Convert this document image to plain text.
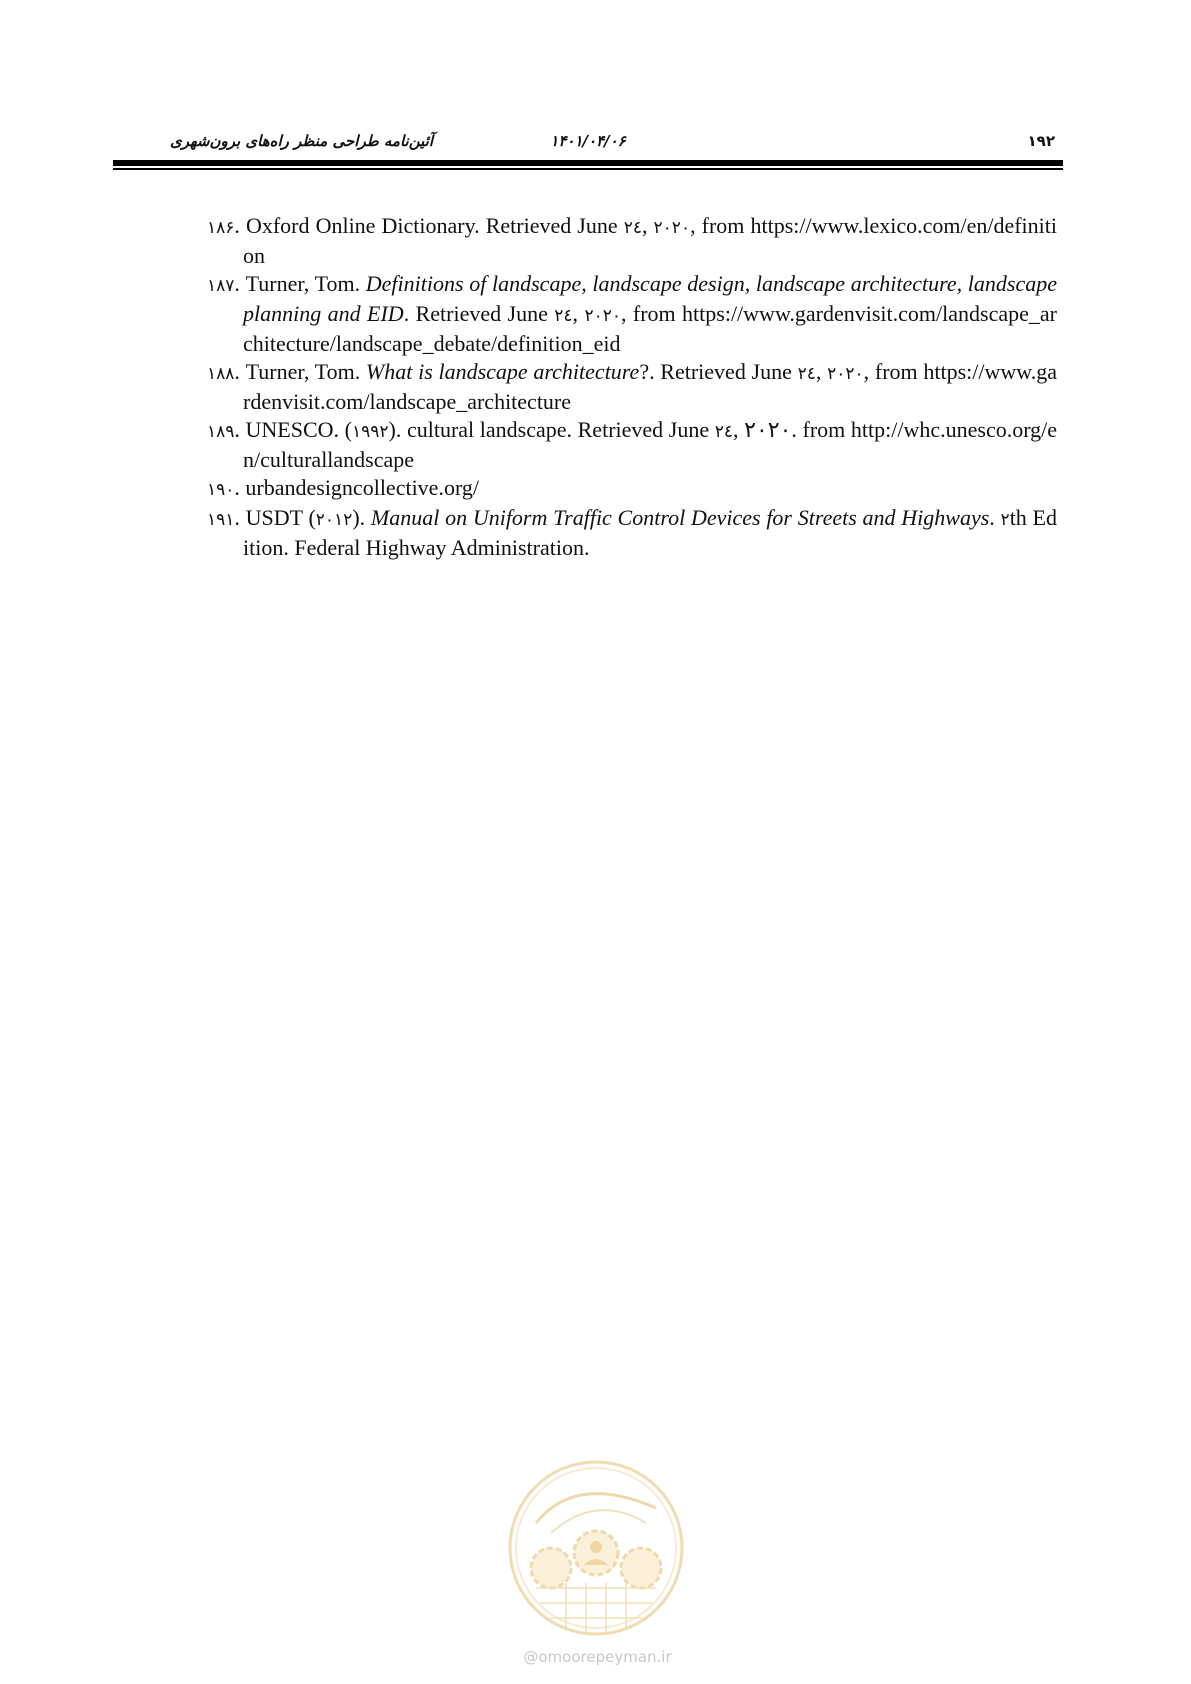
آئین‌نامه طراحی منظر راه‌های برون‌شهری	۱۴۰۱/۰۴/۰۶	۱۹۲
۱۸۶. Oxford Online Dictionary. Retrieved June ۲٤, ۲۰۲۰, from https://www.lexico.com/en/definition
۱۸۷. Turner, Tom. Definitions of landscape, landscape design, landscape architecture, landscape planning and EID. Retrieved June ۲٤, ۲۰۲۰, from https://www.gardenvisit.com/landscape_architecture/landscape_debate/definition_eid
۱۸۸. Turner, Tom. What is landscape architecture?. Retrieved June ۲٤, ۲۰۲۰, from https://www.gardenvisit.com/landscape_architecture
۱۸۹. UNESCO. (۱۹۹۲). cultural landscape. Retrieved June ۲٤, ۲۰۲۰. from http://whc.unesco.org/en/culturallandscape
۱۹۰. urbandesigncollective.org/
۱۹۱. USDT (۲۰۱۲). Manual on Uniform Traffic Control Devices for Streets and Highways. ۲th Edition. Federal Highway Administration.
@omoorepeyman.ir
